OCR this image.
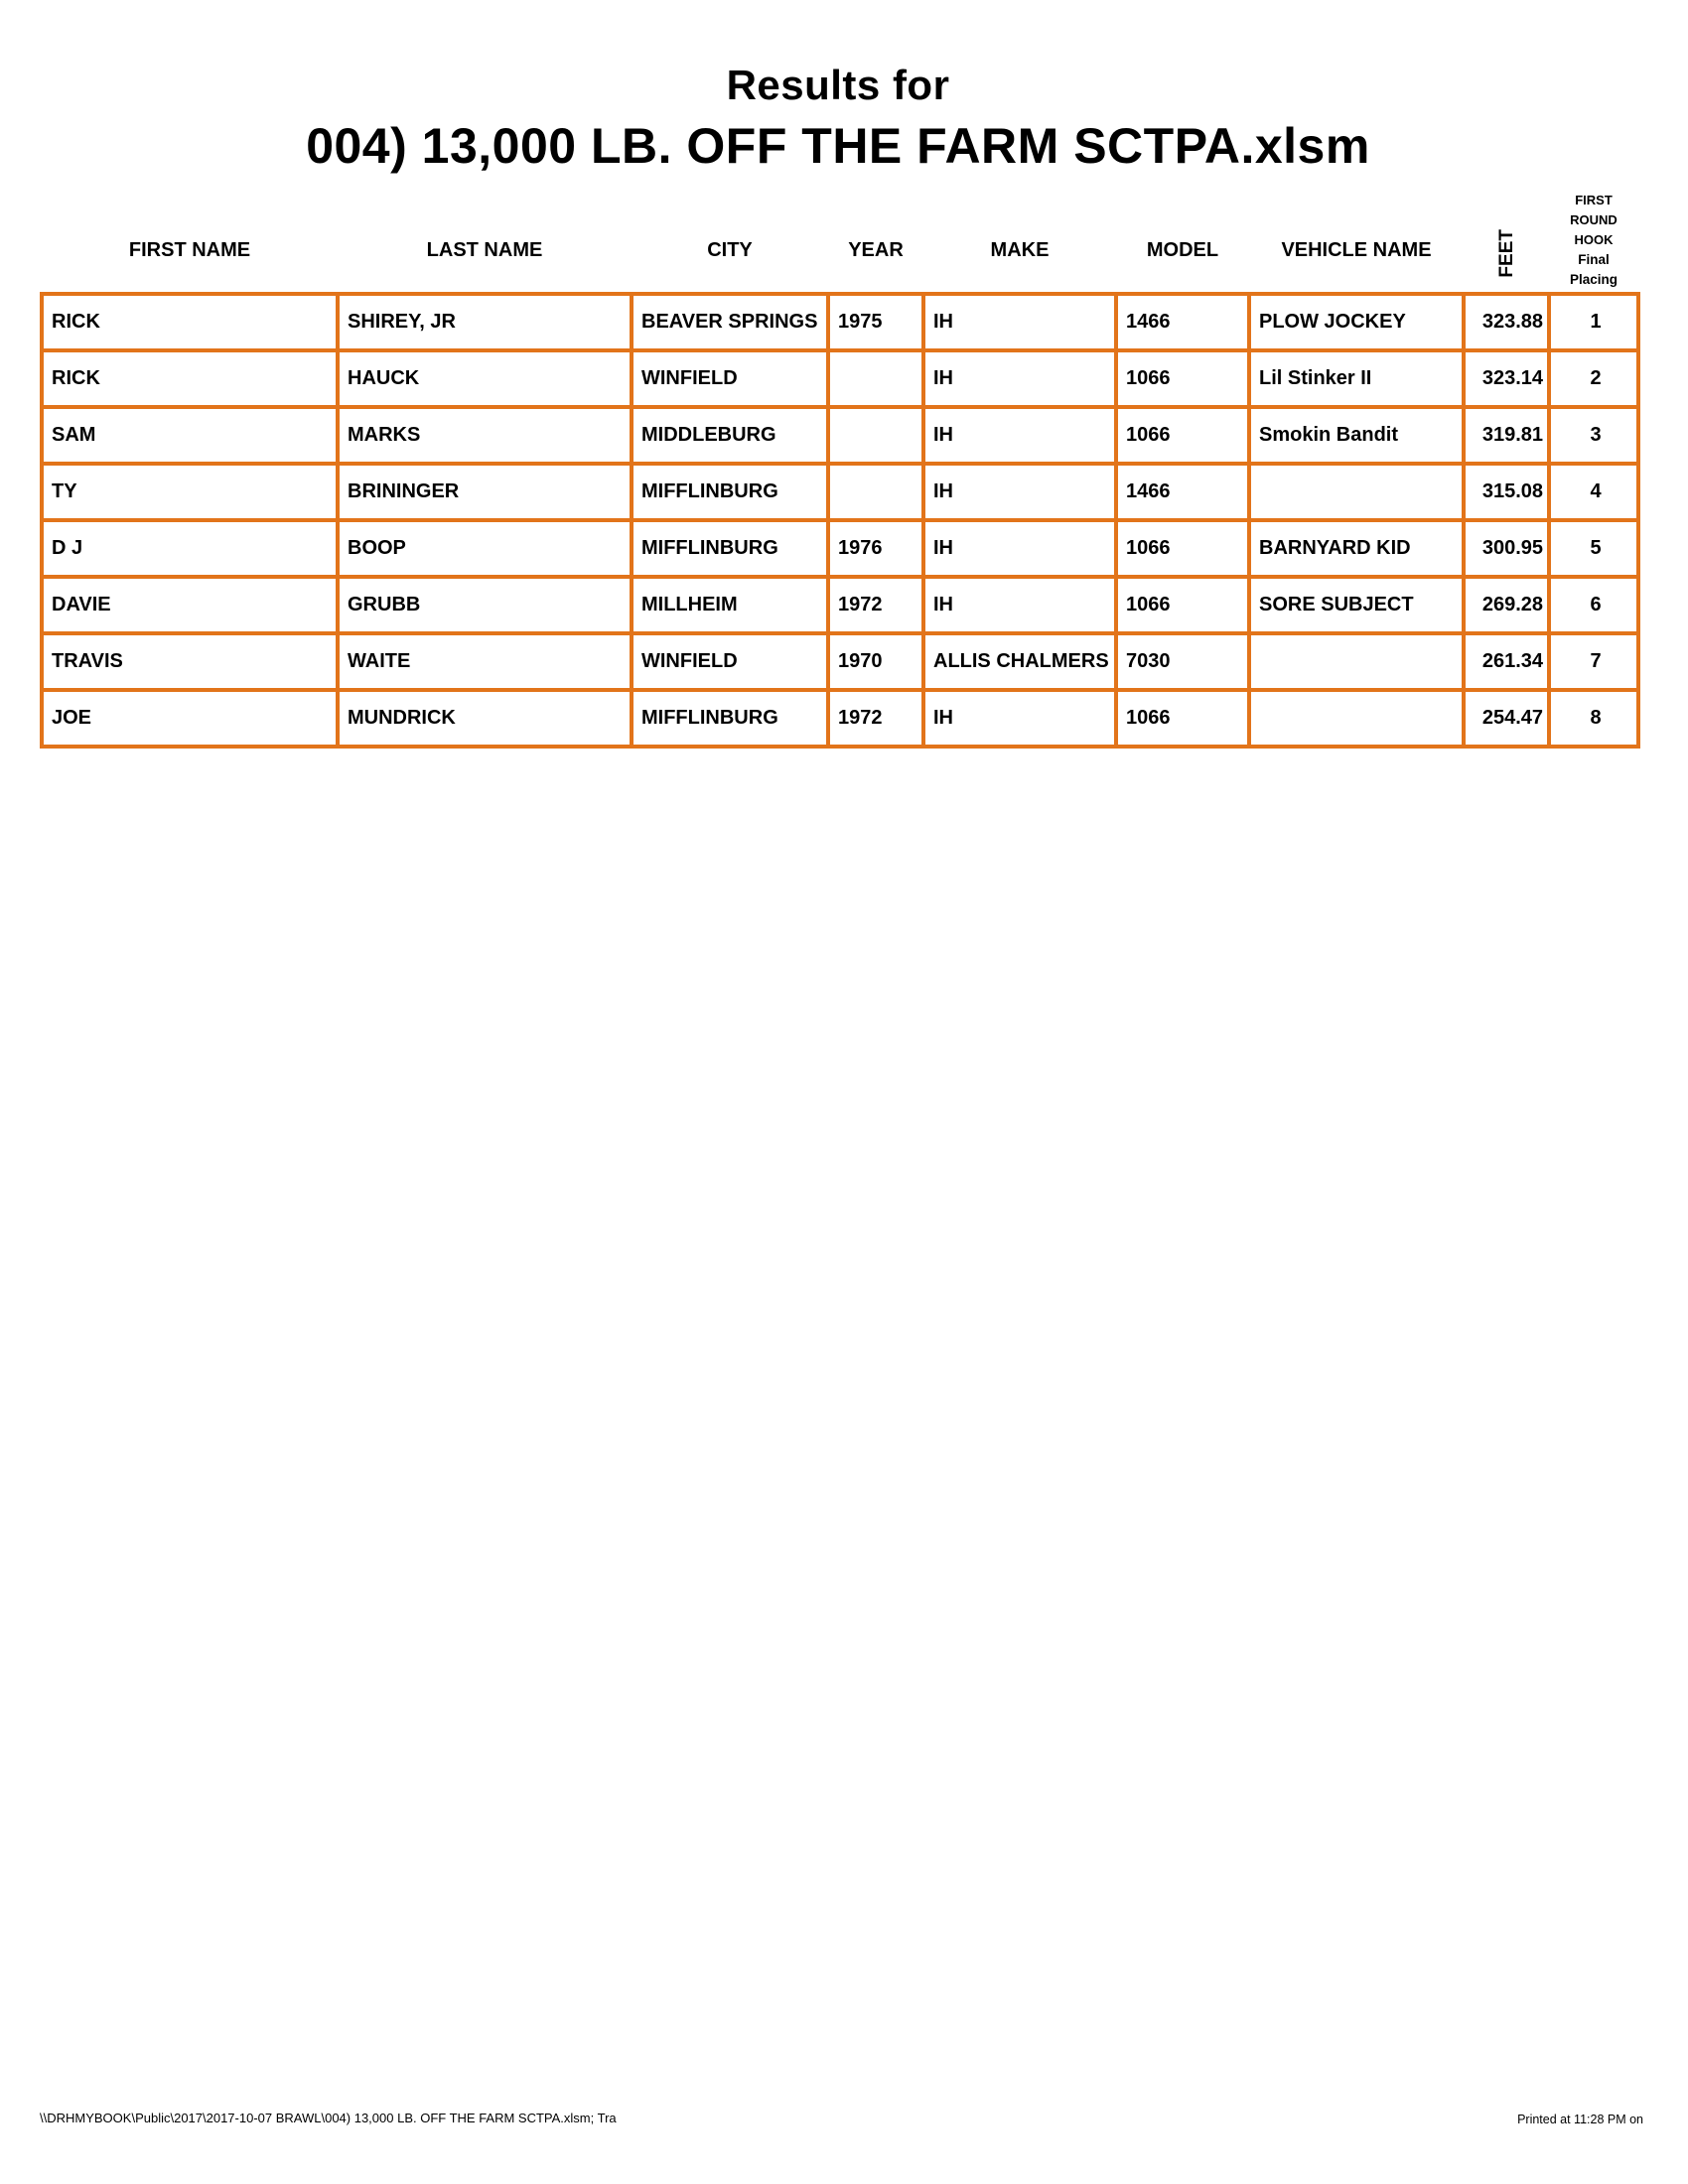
Results for
004) 13,000 LB. OFF THE FARM SCTPA.xlsm
FIRST NAME	LAST NAME	CITY	YEAR	MAKE	MODEL	VEHICLE NAME	FEET	FIRST
ROUND
HOOK
Final
Placing

RICK	SHIREY, JR	BEAVER SPRINGS	1975	IH	1466	PLOW JOCKEY	323.88	1
RICK	HAUCK	WINFIELD		IH	1066	Lil Stinker II	323.14	2
SAM	MARKS	MIDDLEBURG		IH	1066	Smokin Bandit	319.81	3
TY	BRININGER	MIFFLINBURG		IH	1466		315.08	4
D J	BOOP	MIFFLINBURG	1976	IH	1066	BARNYARD KID	300.95	5
DAVIE	GRUBB	MILLHEIM	1972	IH	1066	SORE SUBJECT	269.28	6
TRAVIS	WAITE	WINFIELD	1970	ALLIS CHALMERS	7030		261.34	7
JOE	MUNDRICK	MIFFLINBURG	1972	IH	1066		254.47	8
\\DRHMYBOOK\Public\2017\2017-10-07 BRAWL\004) 13,000 LB. OFF THE FARM SCTPA.xlsm; Tra	Printed at 11:28 PM on
